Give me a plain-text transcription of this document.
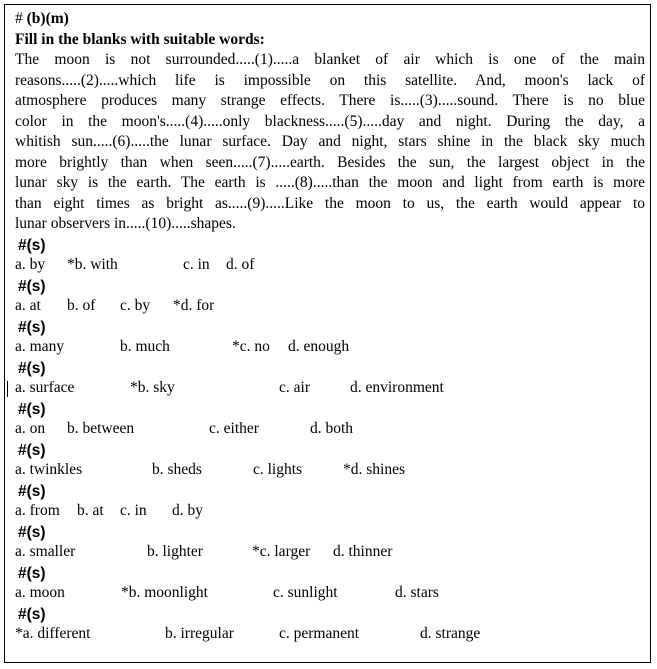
# (b)(m)
Fill in the blanks with suitable words:
The moon is not surrounded.....(1).....a blanket of air which is one of the main
reasons.....(2).....which life is impossible on this satellite. And, moon's lack of
atmosphere produces many strange effects. There is.....(3).....sound. There is no blue
color in the moon's.....(4).....only blackness.....(5).....day and night. During the day, a
whitish sun.....(6).....the lunar surface. Day and night, stars shine in the black sky much
more brightly than when seen.....(7).....earth. Besides the sun, the largest object in the
lunar sky is the earth. The earth is .....(8).....than the moon and light from earth is more
than eight times as bright as.....(9).....Like the moon to us, the earth would appear to
lunar observers in.....(10).....shapes.
#(s)
a. by *b. with	c. in d. of
#(s)
a. at b. of c. by *d. for
#(s)
a. many	b. much	*c. no d. enough
#(s)
a. surface	*b. sky	c. air	d. environment
#(s)
a. on b. between	c. either	d. both
#(s)
a. twinkles	b. sheds	c. lights	*d. shines
#(s)
a. from b. at c. in d. by
#(s)
a. smaller	b. lighter	*c. larger d. thinner
#(s)
a. moon	*b. moonlight	c. sunlight	d. stars
#(s)
*a. different	b. irregular	c. permanent	d. strange
